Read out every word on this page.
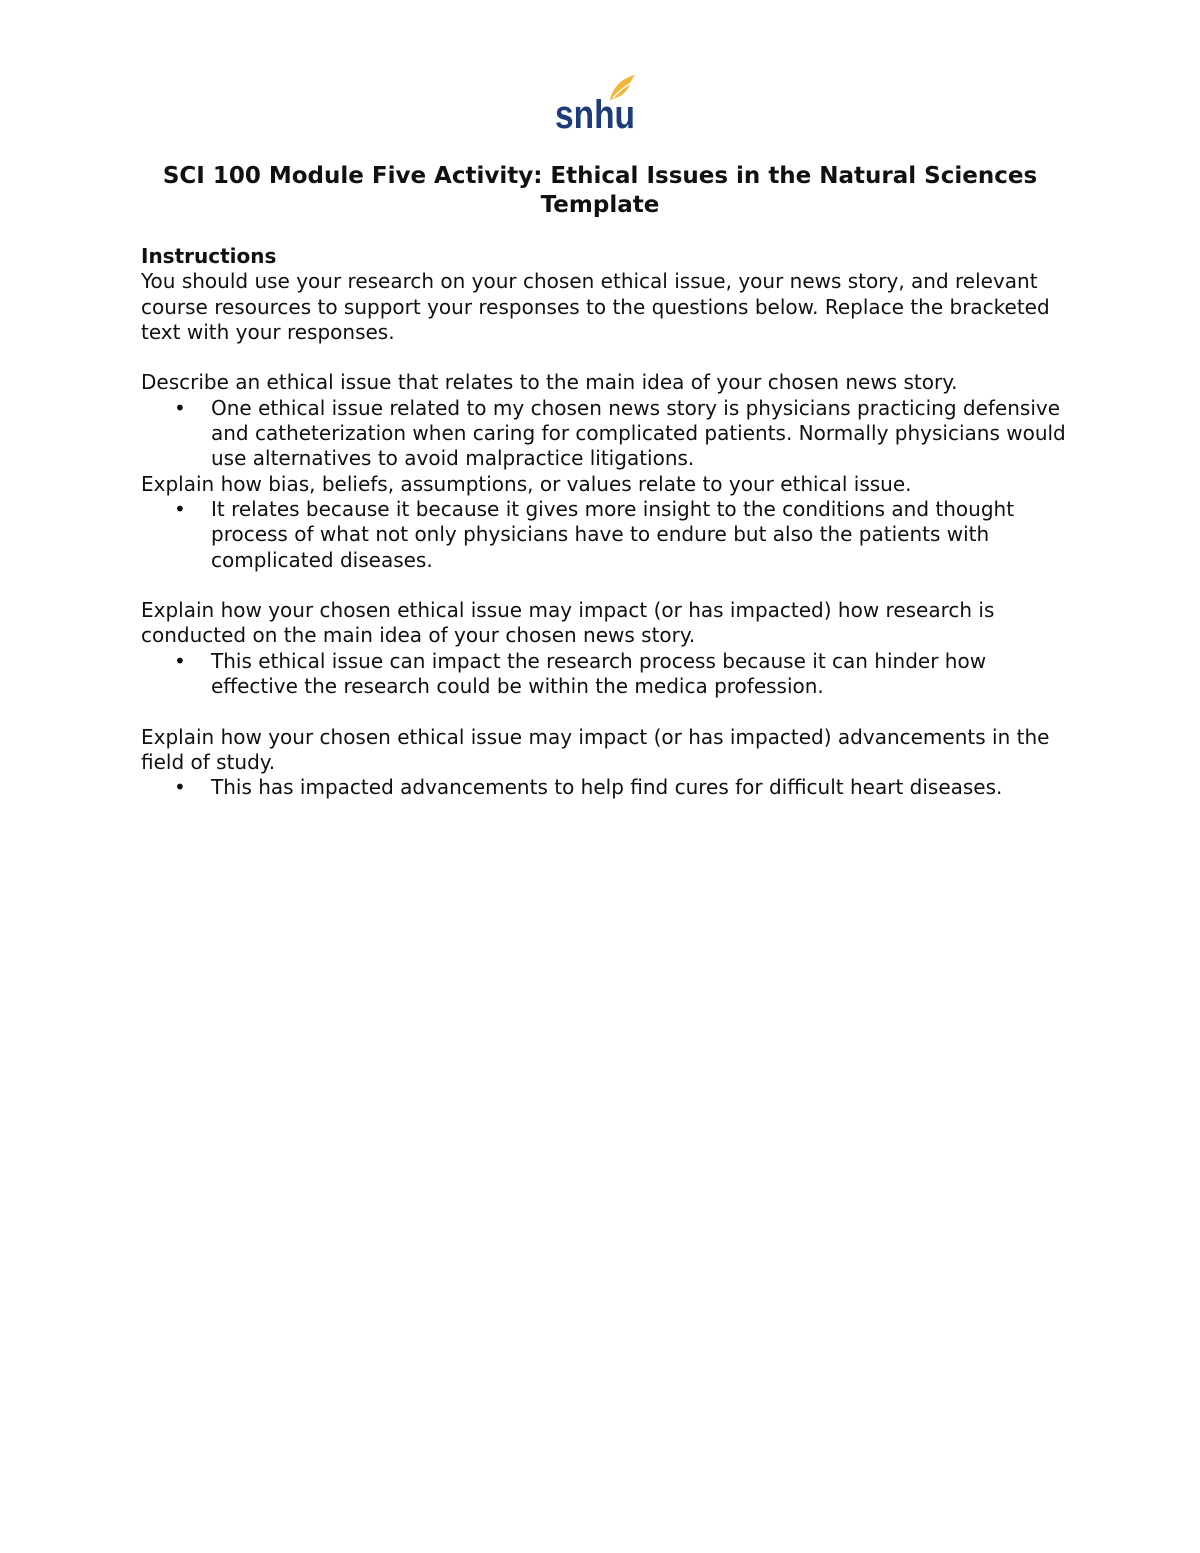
snhu
SCI 100 Module Five Activity: Ethical Issues in the Natural Sciences Template

Instructions

You should use your research on your chosen ethical issue, your news story, and relevant course resources to support your responses to the questions below. Replace the bracketed text with your responses.

Describe an ethical issue that relates to the main idea of your chosen news story.

• One ethical issue related to my chosen news story is physicians practicing defensive and catheterization when caring for complicated patients. Normally physicians would use alternatives to avoid malpractice litigations.

Explain how bias, beliefs, assumptions, or values relate to your ethical issue.

• It relates because it because it gives more insight to the conditions and thought process of what not only physicians have to endure but also the patients with complicated diseases.

Explain how your chosen ethical issue may impact (or has impacted) how research is conducted on the main idea of your chosen news story.

• This ethical issue can impact the research process because it can hinder how effective the research could be within the medica profession.

Explain how your chosen ethical issue may impact (or has impacted) advancements in the field of study.

• This has impacted advancements to help find cures for difficult heart diseases.
